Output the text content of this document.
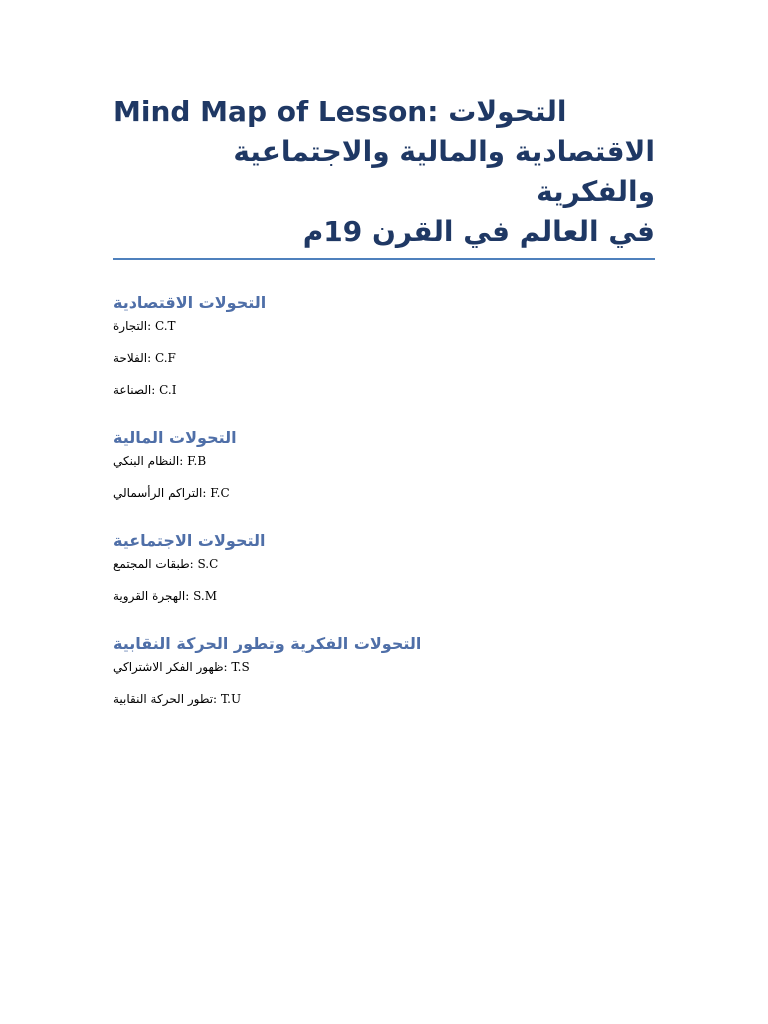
Mind Map of Lesson: التحولات
الاقتصادية والمالية والاجتماعية والفكرية
في العالم في القرن 19م
التحولات الاقتصادية

التجارة: C.T

الفلاحة: C.F

الصناعة: C.I

التحولات المالية

النظام البنكي: F.B

التراكم الرأسمالي: F.C

التحولات الاجتماعية

طبقات المجتمع: S.C

الهجرة القروية: S.M

التحولات الفكرية وتطور الحركة النقابية

ظهور الفكر الاشتراكي: T.S

تطور الحركة النقابية: T.U
